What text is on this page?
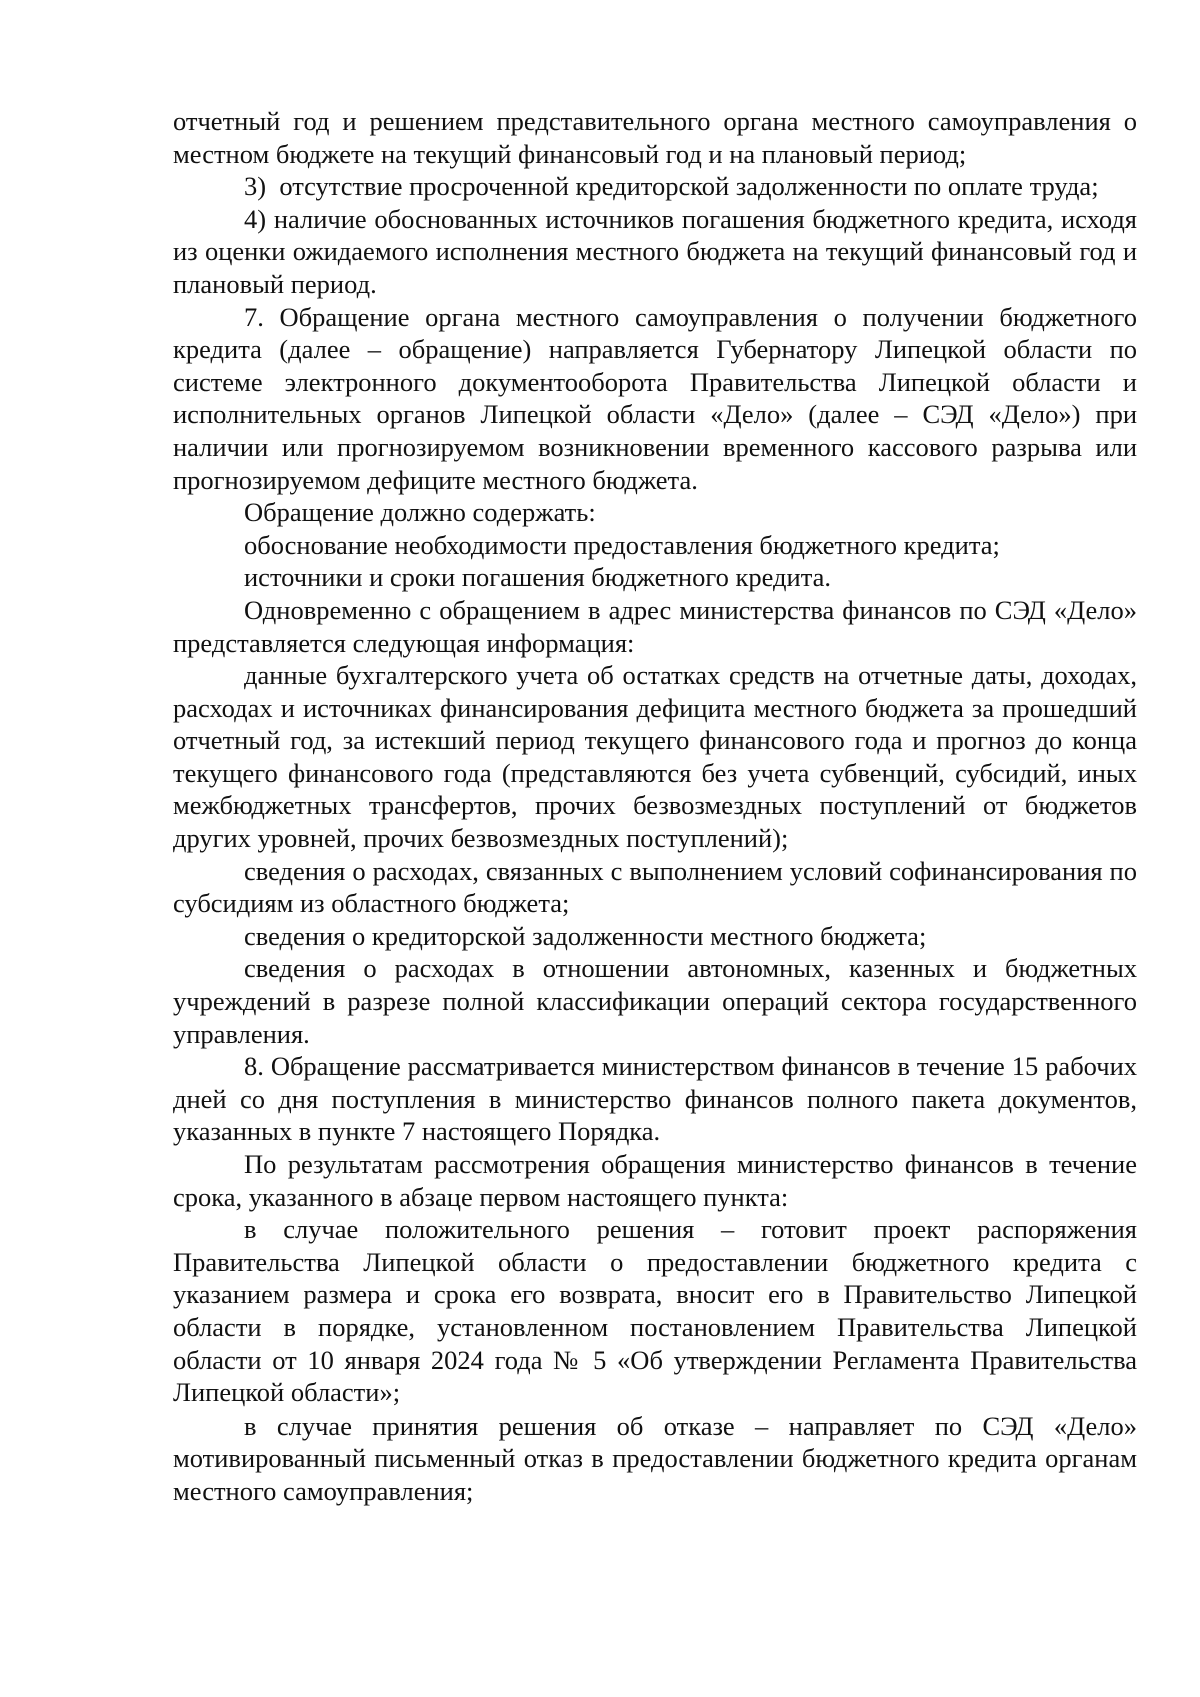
отчетный год и решением представительного органа местного самоуправления о местном бюджете на текущий финансовый год и на плановый период;

3)  отсутствие просроченной кредиторской задолженности по оплате труда;

4) наличие обоснованных источников погашения бюджетного кредита, исходя из оценки ожидаемого исполнения местного бюджета на текущий финансовый год и плановый период.

7. Обращение органа местного самоуправления о получении бюджетного кредита (далее – обращение) направляется Губернатору Липецкой области по системе электронного документооборота Правительства Липецкой области и исполнительных органов Липецкой области «Дело» (далее – СЭД «Дело») при наличии или прогнозируемом возникновении временного кассового разрыва или прогнозируемом дефиците местного бюджета.

Обращение должно содержать:

обоснование необходимости предоставления бюджетного кредита;

источники и сроки погашения бюджетного кредита.

Одновременно с обращением в адрес министерства финансов по СЭД «Дело» представляется следующая информация:

данные бухгалтерского учета об остатках средств на отчетные даты, доходах, расходах и источниках финансирования дефицита местного бюджета за прошедший отчетный год, за истекший период текущего финансового года и прогноз до конца текущего финансового года (представляются без учета субвенций, субсидий, иных межбюджетных трансфертов, прочих безвозмездных поступлений от бюджетов других уровней, прочих безвозмездных поступлений);

сведения о расходах, связанных с выполнением условий софинансирования по субсидиям из областного бюджета;

сведения о кредиторской задолженности местного бюджета;

сведения о расходах в отношении автономных, казенных и бюджетных учреждений в разрезе полной классификации операций сектора государственного управления.

8. Обращение рассматривается министерством финансов в течение 15 рабочих дней со дня поступления в министерство финансов полного пакета документов, указанных в пункте 7 настоящего Порядка.

По результатам рассмотрения обращения министерство финансов в течение срока, указанного в абзаце первом настоящего пункта:

в случае положительного решения – готовит проект распоряжения Правительства Липецкой области о предоставлении бюджетного кредита с указанием размера и срока его возврата, вносит его в Правительство Липецкой области в порядке, установленном постановлением Правительства Липецкой области от 10 января 2024 года № 5 «Об утверждении Регламента Правительства Липецкой области»;

в случае принятия решения об отказе – направляет по СЭД «Дело» мотивированный письменный отказ в предоставлении бюджетного кредита органам местного самоуправления;
